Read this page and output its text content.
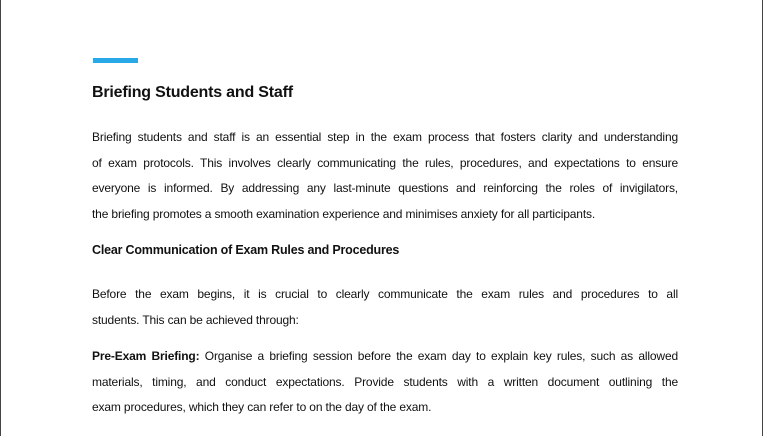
Briefing Students and Staff
Briefing students and staff is an essential step in the exam process that fosters clarity and understanding
of exam protocols. This involves clearly communicating the rules, procedures, and expectations to ensure
everyone is informed. By addressing any last-minute questions and reinforcing the roles of invigilators,
the briefing promotes a smooth examination experience and minimises anxiety for all participants.
Clear Communication of Exam Rules and Procedures
Before the exam begins, it is crucial to clearly communicate the exam rules and procedures to all
students. This can be achieved through:
Pre-Exam Briefing: Organise a briefing session before the exam day to explain key rules, such as allowed
materials, timing, and conduct expectations. Provide students with a written document outlining the
exam procedures, which they can refer to on the day of the exam.
